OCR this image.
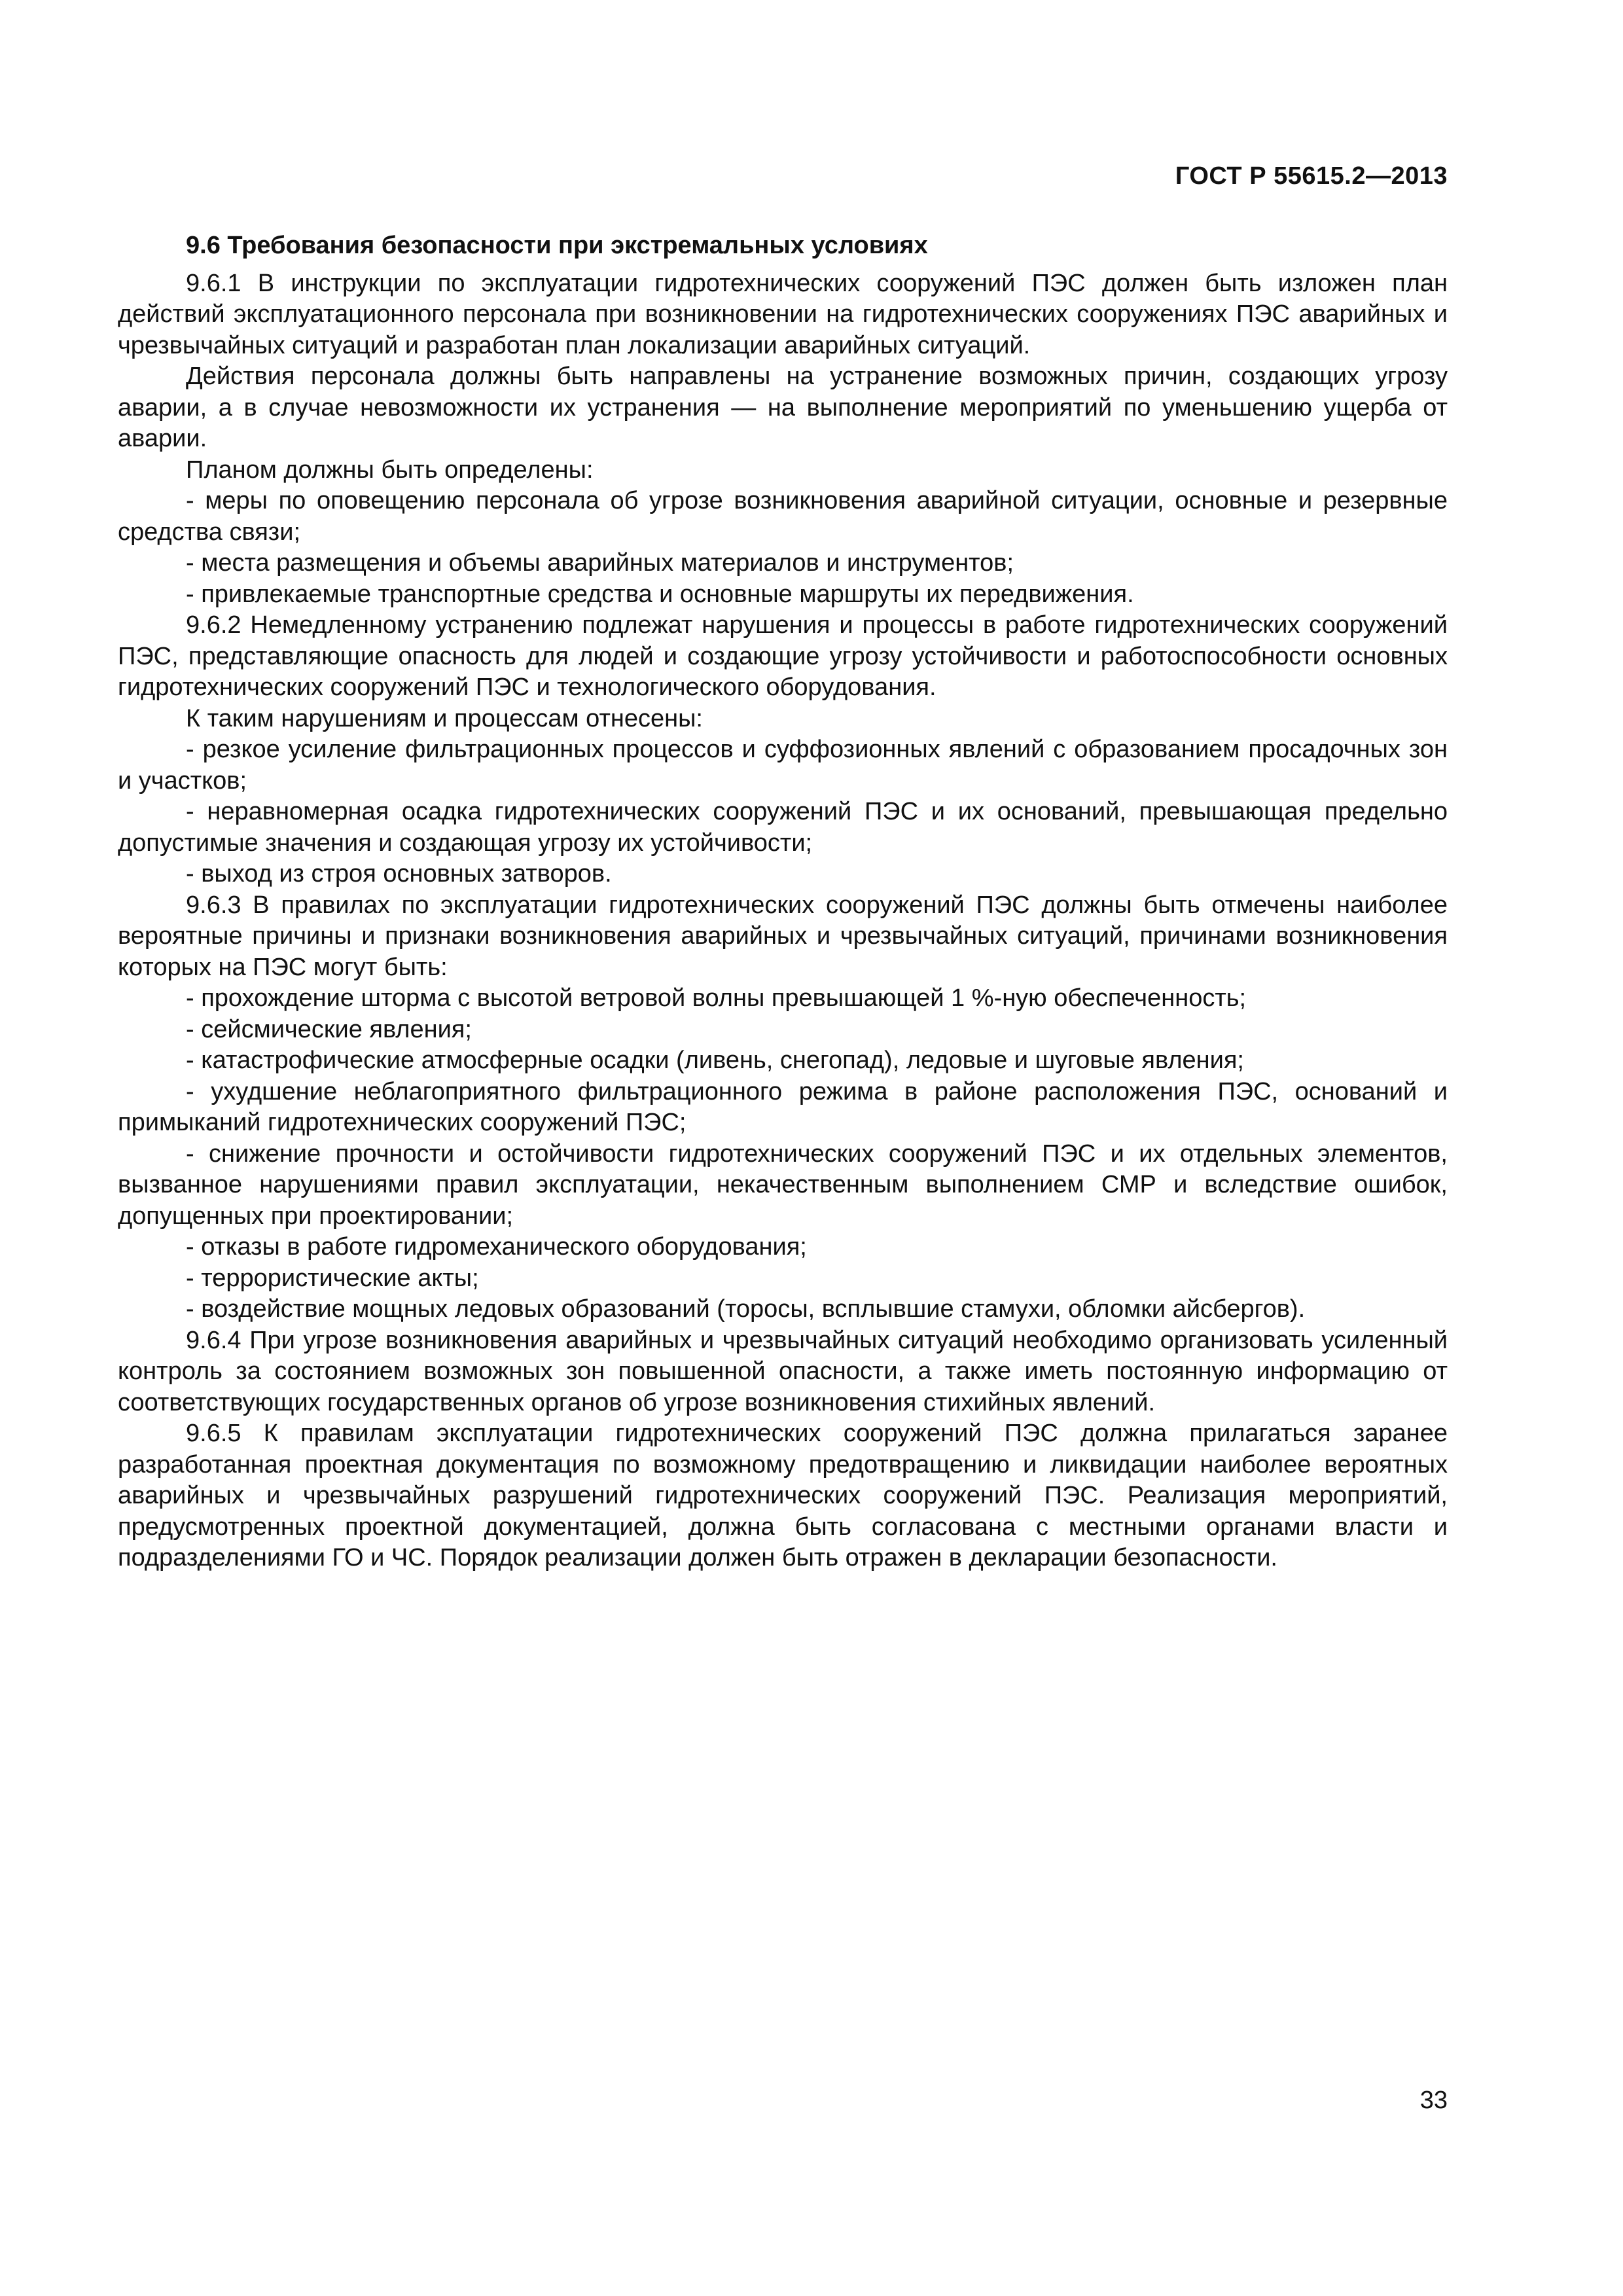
ГОСТ Р 55615.2—2013
9.6 Требования безопасности при экстремальных условиях

9.6.1 В инструкции по эксплуатации гидротехнических сооружений ПЭС должен быть изложен план действий эксплуатационного персонала при возникновении на гидротехнических сооружениях ПЭС аварийных и чрезвычайных ситуаций и разработан план локализации аварийных ситуаций.

Действия персонала должны быть направлены на устранение возможных причин, создающих угрозу аварии, а в случае невозможности их устранения — на выполнение мероприятий по уменьшению ущерба от аварии.

Планом должны быть определены:

- меры по оповещению персонала об угрозе возникновения аварийной ситуации, основные и резервные средства связи;

- места размещения и объемы аварийных материалов и инструментов;

- привлекаемые транспортные средства и основные маршруты их передвижения.

9.6.2 Немедленному устранению подлежат нарушения и процессы в работе гидротехнических сооружений ПЭС, представляющие опасность для людей и создающие угрозу устойчивости и работоспособности основных гидротехнических сооружений ПЭС и технологического оборудования.

К таким нарушениям и процессам отнесены:

- резкое усиление фильтрационных процессов и суффозионных явлений с образованием просадочных зон и участков;

- неравномерная осадка гидротехнических сооружений ПЭС и их оснований, превышающая предельно допустимые значения и создающая угрозу их устойчивости;

- выход из строя основных затворов.

9.6.3 В правилах по эксплуатации гидротехнических сооружений ПЭС должны быть отмечены наиболее вероятные причины и признаки возникновения аварийных и чрезвычайных ситуаций, причинами возникновения которых на ПЭС могут быть:

- прохождение шторма с высотой ветровой волны превышающей 1 %-ную обеспеченность;

- сейсмические явления;

- катастрофические атмосферные осадки (ливень, снегопад), ледовые и шуговые явления;

- ухудшение неблагоприятного фильтрационного режима в районе расположения ПЭС, оснований и примыканий гидротехнических сооружений ПЭС;

- снижение прочности и остойчивости гидротехнических сооружений ПЭС и их отдельных элементов, вызванное нарушениями правил эксплуатации, некачественным выполнением СМР и вследствие ошибок, допущенных при проектировании;

- отказы в работе гидромеханического оборудования;

- террористические акты;

- воздействие мощных ледовых образований (торосы, всплывшие стамухи, обломки айсбергов).

9.6.4 При угрозе возникновения аварийных и чрезвычайных ситуаций необходимо организовать усиленный контроль за состоянием возможных зон повышенной опасности, а также иметь постоянную информацию от соответствующих государственных органов об угрозе возникновения стихийных явлений.

9.6.5 К правилам эксплуатации гидротехнических сооружений ПЭС должна прилагаться заранее разработанная проектная документация по возможному предотвращению и ликвидации наиболее вероятных аварийных и чрезвычайных разрушений гидротехнических сооружений ПЭС. Реализация мероприятий, предусмотренных проектной документацией, должна быть согласована с местными органами власти и подразделениями ГО и ЧС. Порядок реализации должен быть отражен в декларации безопасности.

33
